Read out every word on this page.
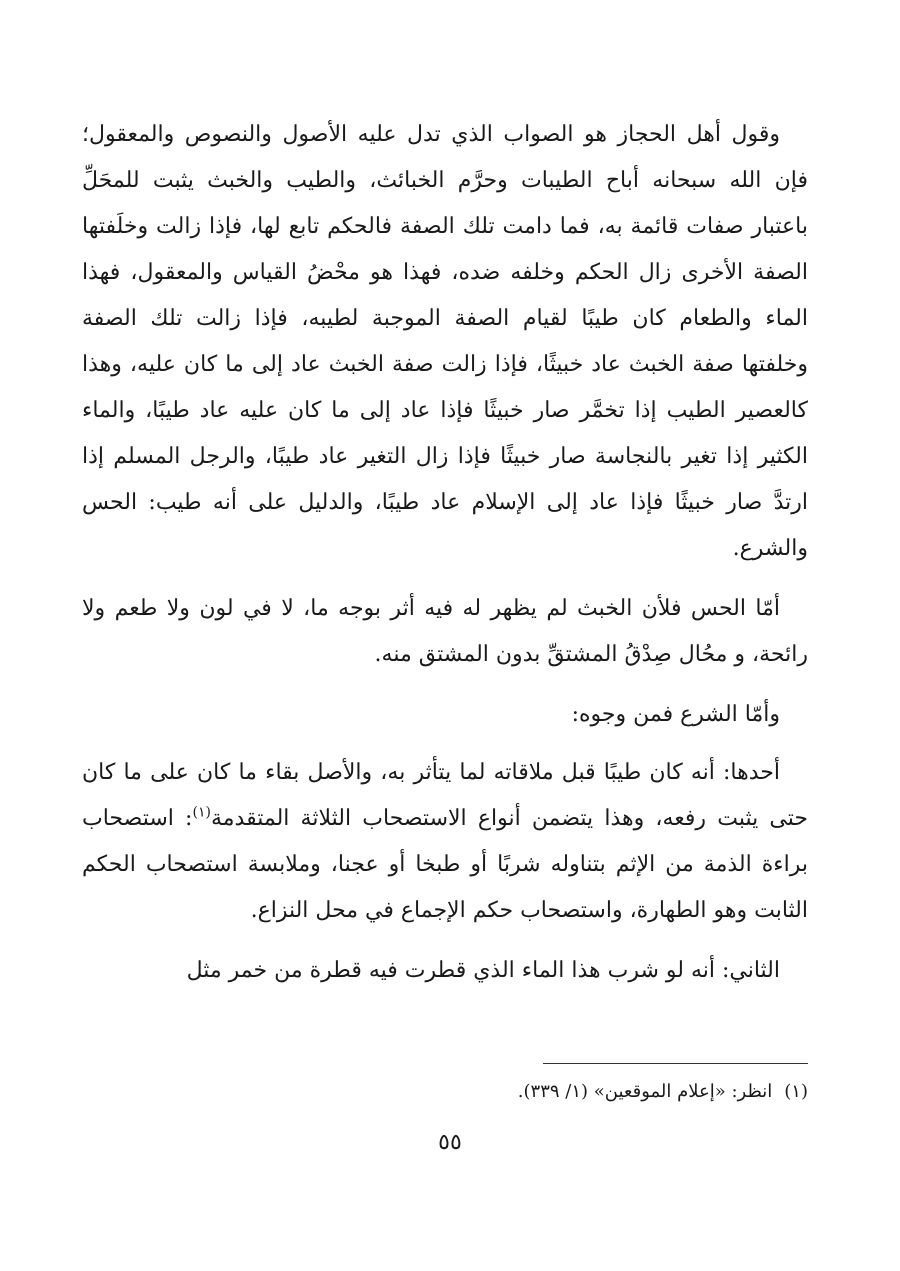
وقول أهل الحجاز هو الصواب الذي تدل عليه الأصول والنصوص والمعقول؛ فإن الله سبحانه أباح الطيبات وحرَّم الخبائث، والطيب والخبث يثبت للمحَلِّ باعتبار صفات قائمة به، فما دامت تلك الصفة فالحكم تابع لها، فإذا زالت وخلَفتها الصفة الأخرى زال الحكم وخلفه ضده، فهذا هو محْضُ القياس والمعقول، فهذا الماء والطعام كان طيبًا لقيام الصفة الموجبة لطيبه، فإذا زالت تلك الصفة وخلفتها صفة الخبث عاد خبيثًا، فإذا زالت صفة الخبث عاد إلى ما كان عليه، وهذا كالعصير الطيب إذا تخمَّر صار خبيثًا فإذا عاد إلى ما كان عليه عاد طيبًا، والماء الكثير إذا تغير بالنجاسة صار خبيثًا فإذا زال التغير عاد طيبًا، والرجل المسلم إذا ارتدَّ صار خبيثًا فإذا عاد إلى الإسلام عاد طيبًا، والدليل على أنه طيب: الحس والشرع.

أمّا الحس فلأن الخبث لم يظهر له فيه أثر بوجه ما، لا في لون ولا طعم ولا رائحة، و محُال صِدْقُ المشتقِّ بدون المشتق منه.

وأمّا الشرع فمن وجوه:

أحدها: أنه كان طيبًا قبل ملاقاته لما يتأثر به، والأصل بقاء ما كان على ما كان حتى يثبت رفعه، وهذا يتضمن أنواع الاستصحاب الثلاثة المتقدمة$^{(١)}$: استصحاب براءة الذمة من الإثم بتناوله شربًا أو طبخا أو عجنا، وملابسة استصحاب الحكم الثابت وهو الطهارة، واستصحاب حكم الإجماع في محل النزاع.

الثاني: أنه لو شرب هذا الماء الذي قطرت فيه قطرة من خمر مثل

(١)انظر: «إعلام الموقعين» (١/ ٣٣٩).
٥٥
